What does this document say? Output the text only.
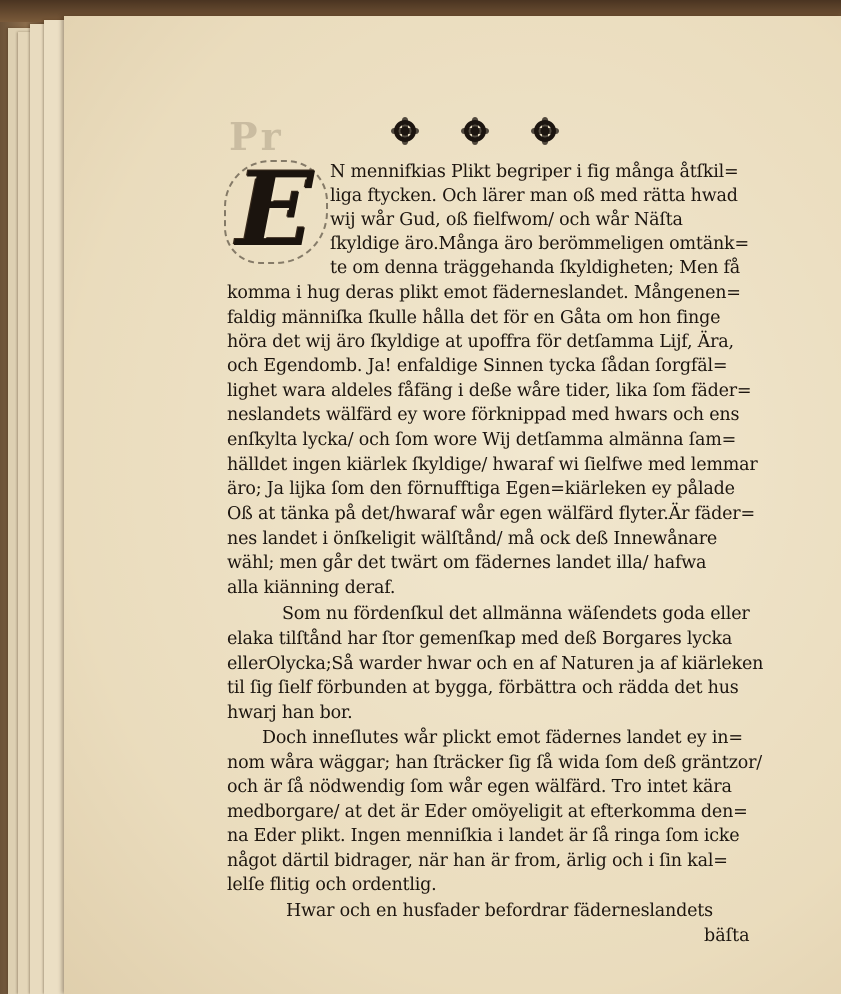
Pr
E N mennifkias Plikt begriper i fig många åtſkil=
liga ftycken. Och lärer man oß med rätta hwad
wij wår Gud, oß fielfwom/ och wår Näſta
ſkyldige äro.Många äro berömmeligen omtänk=
te om denna träggehanda ſkyldigheten; Men få
komma i hug deras plikt emot fäderneslandet. Mångenen=
faldig männiſka ſkulle hålla det för en Gåta om hon finge
höra det wij äro ſkyldige at upoffra för detſamma Lijf, Ära,
och Egendomb. Ja! enfaldige Sinnen tycka ſådan ſorgfäl=
lighet wara aldeles fåfäng i deße wåre tider, lika ſom fäder=
neslandets wälfärd ey wore förknippad med hwars och ens
enſkylta lycka/ och ſom wore Wij detſamma almänna ſam=
hälldet ingen kiärlek ſkyldige/ hwaraf wi ſielfwe med lemmar
äro; Ja lijka ſom den förnufftiga Egen=kiärleken ey pålade
Oß at tänka på det/hwaraf wår egen wälfärd flyter.Är fäder=
nes landet i önſkeligit wälſtånd/ må ock deß Innewånare
wähl; men går det twärt om fädernes landet illa/ hafwa
alla kiänning deraf.
Som nu fördenſkul det allmänna wäſendets goda eller
elaka tilſtånd har ſtor gemenſkap med deß Borgares lycka
ellerOlycka;Så warder hwar och en af Naturen ja af kiärleken
til ſig ſielf förbunden at bygga, förbättra och rädda det hus
hwarj han bor.
Doch inneſlutes wår plickt emot fädernes landet ey in=
nom wåra wäggar; han ſträcker ſig ſå wida ſom deß gräntzor/
och är ſå nödwendig ſom wår egen wälfärd. Tro intet kära
medborgare/ at det är Eder omöyeligit at efterkomma den=
na Eder plikt. Ingen menniſkia i landet är ſå ringa ſom icke
något därtil bidrager, när han är from, ärlig och i ſin kal=
lelſe flitig och ordentlig.
Hwar och en husfader befordrar fäderneslandets
bäſta
